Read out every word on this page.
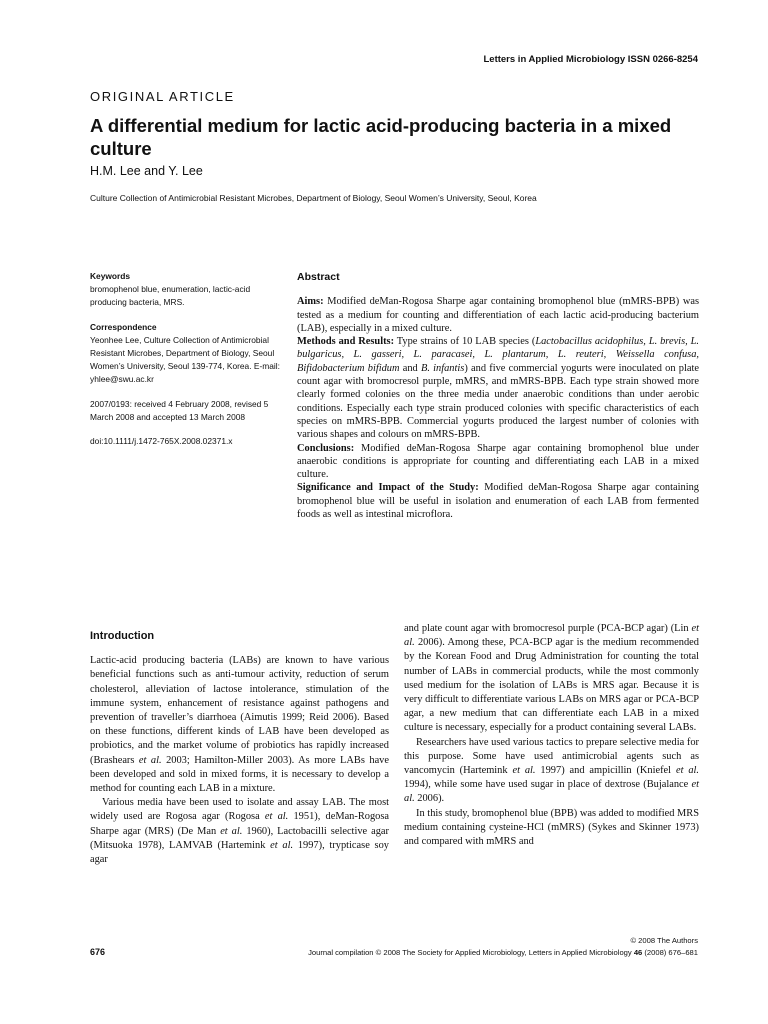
Letters in Applied Microbiology ISSN 0266-8254
ORIGINAL ARTICLE
A differential medium for lactic acid-producing bacteria in a mixed culture
H.M. Lee and Y. Lee
Culture Collection of Antimicrobial Resistant Microbes, Department of Biology, Seoul Women’s University, Seoul, Korea
Keywords
bromophenol blue, enumeration, lactic-acid producing bacteria, MRS.
Correspondence
Yeonhee Lee, Culture Collection of Antimicrobial Resistant Microbes, Department of Biology, Seoul Women’s University, Seoul 139-774, Korea. E-mail: yhlee@swu.ac.kr
2007/0193: received 4 February 2008, revised 5 March 2008 and accepted 13 March 2008
doi:10.1111/j.1472-765X.2008.02371.x
Abstract

Aims: Modified deMan-Rogosa Sharpe agar containing bromophenol blue (mMRS-BPB) was tested as a medium for counting and differentiation of each lactic acid-producing bacterium (LAB), especially in a mixed culture.

Methods and Results: Type strains of 10 LAB species (Lactobacillus acidophilus, L. brevis, L. bulgaricus, L. gasseri, L. paracasei, L. plantarum, L. reuteri, Weissella confusa, Bifidobacterium bifidum and B. infantis) and five commercial yogurts were inoculated on plate count agar with bromocresol purple, mMRS, and mMRS-BPB. Each type strain showed more clearly formed colonies on the three media under anaerobic conditions than under aerobic conditions. Especially each type strain produced colonies with specific characteristics of each species on mMRS-BPB. Commercial yogurts produced the largest number of colonies with various shapes and colours on mMRS-BPB.

Conclusions: Modified deMan-Rogosa Sharpe agar containing bromophenol blue under anaerobic conditions is appropriate for counting and differentiating each LAB in a mixed culture.

Significance and Impact of the Study: Modified deMan-Rogosa Sharpe agar containing bromophenol blue will be useful in isolation and enumeration of each LAB from fermented foods as well as intestinal microflora.

Introduction

Lactic-acid producing bacteria (LABs) are known to have various beneficial functions such as anti-tumour activity, reduction of serum cholesterol, alleviation of lactose intolerance, stimulation of the immune system, enhancement of resistance against pathogens and prevention of traveller’s diarrhoea (Aimutis 1999; Reid 2006). Based on these functions, different kinds of LAB have been developed as probiotics, and the market volume of probiotics has rapidly increased (Brashears et al. 2003; Hamilton-Miller 2003). As more LABs have been developed and sold in mixed forms, it is necessary to develop a method for counting each LAB in a mixture.

Various media have been used to isolate and assay LAB. The most widely used are Rogosa agar (Rogosa et al. 1951), deMan-Rogosa Sharpe agar (MRS) (De Man et al. 1960), Lactobacilli selective agar (Mitsuoka 1978), LAMVAB (Hartemink et al. 1997), trypticase soy agar

and plate count agar with bromocresol purple (PCA-BCP agar) (Lin et al. 2006). Among these, PCA-BCP agar is the medium recommended by the Korean Food and Drug Administration for counting the total number of LABs in commercial products, while the most commonly used medium for the isolation of LABs is MRS agar. Because it is very difficult to differentiate various LABs on MRS agar or PCA-BCP agar, a new medium that can differentiate each LAB in a mixed culture is necessary, especially for a product containing several LABs.

Researchers have used various tactics to prepare selective media for this purpose. Some have used antimicrobial agents such as vancomycin (Hartemink et al. 1997) and ampicillin (Kniefel et al. 1994), while some have used sugar in place of dextrose (Bujalance et al. 2006).

In this study, bromophenol blue (BPB) was added to modified MRS medium containing cysteine-HCl (mMRS) (Sykes and Skinner 1973) and compared with mMRS and

© 2008 The Authors
676	Journal compilation © 2008 The Society for Applied Microbiology, Letters in Applied Microbiology 46 (2008) 676–681
